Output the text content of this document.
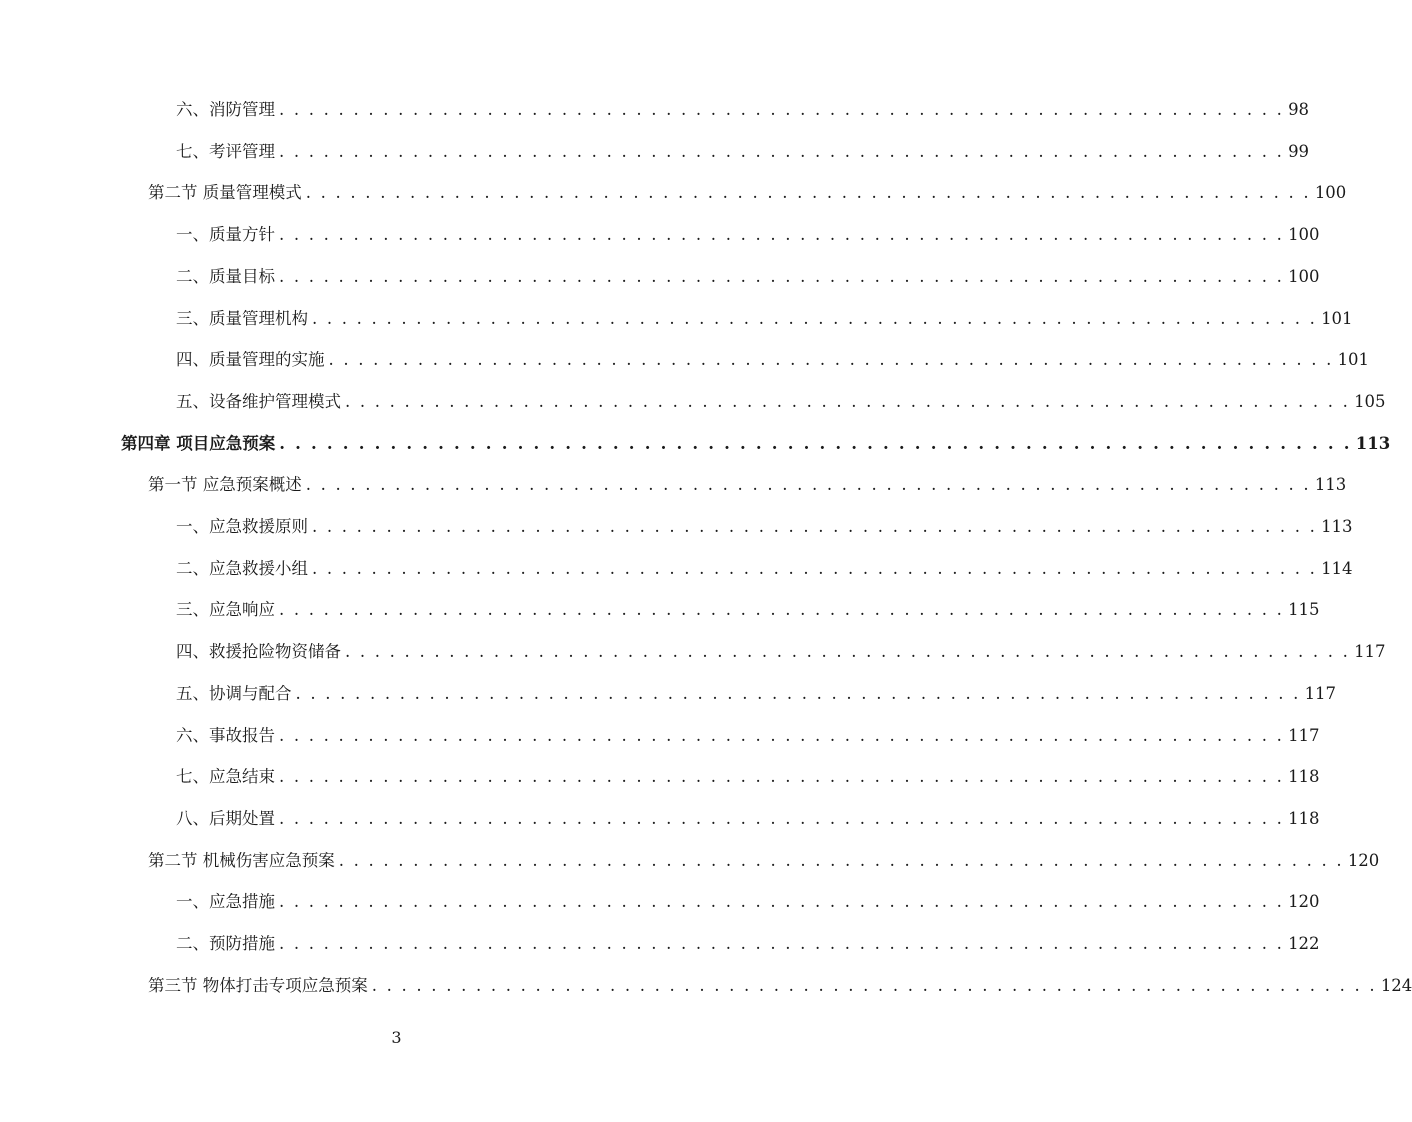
六、消防管理 . . . . . . . . . . . . . . . . . . . . . . . . . . . . . . . . . . . . . . . . . . . . . . . . . . . . . . . . . . . . . . . . . . . . 98
七、考评管理 . . . . . . . . . . . . . . . . . . . . . . . . . . . . . . . . . . . . . . . . . . . . . . . . . . . . . . . . . . . . . . . . . . . . 99
第二节 质量管理模式 . . . . . . . . . . . . . . . . . . . . . . . . . . . . . . . . . . . . . . . . . . . . . . . . . . . . . . . . . . . . . . . . . . . . 100
一、质量方针 . . . . . . . . . . . . . . . . . . . . . . . . . . . . . . . . . . . . . . . . . . . . . . . . . . . . . . . . . . . . . . . . . . . . 100
二、质量目标 . . . . . . . . . . . . . . . . . . . . . . . . . . . . . . . . . . . . . . . . . . . . . . . . . . . . . . . . . . . . . . . . . . . . 100
三、质量管理机构 . . . . . . . . . . . . . . . . . . . . . . . . . . . . . . . . . . . . . . . . . . . . . . . . . . . . . . . . . . . . . . . . . . . . 101
四、质量管理的实施 . . . . . . . . . . . . . . . . . . . . . . . . . . . . . . . . . . . . . . . . . . . . . . . . . . . . . . . . . . . . . . . . . . . . 101
五、设备维护管理模式 . . . . . . . . . . . . . . . . . . . . . . . . . . . . . . . . . . . . . . . . . . . . . . . . . . . . . . . . . . . . . . . . . . . . 105
第四章 项目应急预案 . . . . . . . . . . . . . . . . . . . . . . . . . . . . . . . . . . . . . . . . . . . . . . . . . . . . . . . . . . . . . . . . . . . . 113
第一节 应急预案概述 . . . . . . . . . . . . . . . . . . . . . . . . . . . . . . . . . . . . . . . . . . . . . . . . . . . . . . . . . . . . . . . . . . . . 113
一、应急救援原则 . . . . . . . . . . . . . . . . . . . . . . . . . . . . . . . . . . . . . . . . . . . . . . . . . . . . . . . . . . . . . . . . . . . . 113
二、应急救援小组 . . . . . . . . . . . . . . . . . . . . . . . . . . . . . . . . . . . . . . . . . . . . . . . . . . . . . . . . . . . . . . . . . . . . 114
三、应急响应 . . . . . . . . . . . . . . . . . . . . . . . . . . . . . . . . . . . . . . . . . . . . . . . . . . . . . . . . . . . . . . . . . . . . 115
四、救援抢险物资储备 . . . . . . . . . . . . . . . . . . . . . . . . . . . . . . . . . . . . . . . . . . . . . . . . . . . . . . . . . . . . . . . . . . . . 117
五、协调与配合 . . . . . . . . . . . . . . . . . . . . . . . . . . . . . . . . . . . . . . . . . . . . . . . . . . . . . . . . . . . . . . . . . . . . 117
六、事故报告 . . . . . . . . . . . . . . . . . . . . . . . . . . . . . . . . . . . . . . . . . . . . . . . . . . . . . . . . . . . . . . . . . . . . 117
七、应急结束 . . . . . . . . . . . . . . . . . . . . . . . . . . . . . . . . . . . . . . . . . . . . . . . . . . . . . . . . . . . . . . . . . . . . 118
八、后期处置 . . . . . . . . . . . . . . . . . . . . . . . . . . . . . . . . . . . . . . . . . . . . . . . . . . . . . . . . . . . . . . . . . . . . 118
第二节 机械伤害应急预案 . . . . . . . . . . . . . . . . . . . . . . . . . . . . . . . . . . . . . . . . . . . . . . . . . . . . . . . . . . . . . . . . . . . . 120
一、应急措施 . . . . . . . . . . . . . . . . . . . . . . . . . . . . . . . . . . . . . . . . . . . . . . . . . . . . . . . . . . . . . . . . . . . . 120
二、预防措施 . . . . . . . . . . . . . . . . . . . . . . . . . . . . . . . . . . . . . . . . . . . . . . . . . . . . . . . . . . . . . . . . . . . . 122
第三节 物体打击专项应急预案 . . . . . . . . . . . . . . . . . . . . . . . . . . . . . . . . . . . . . . . . . . . . . . . . . . . . . . . . . . . . . . . . . . . . 124
3
